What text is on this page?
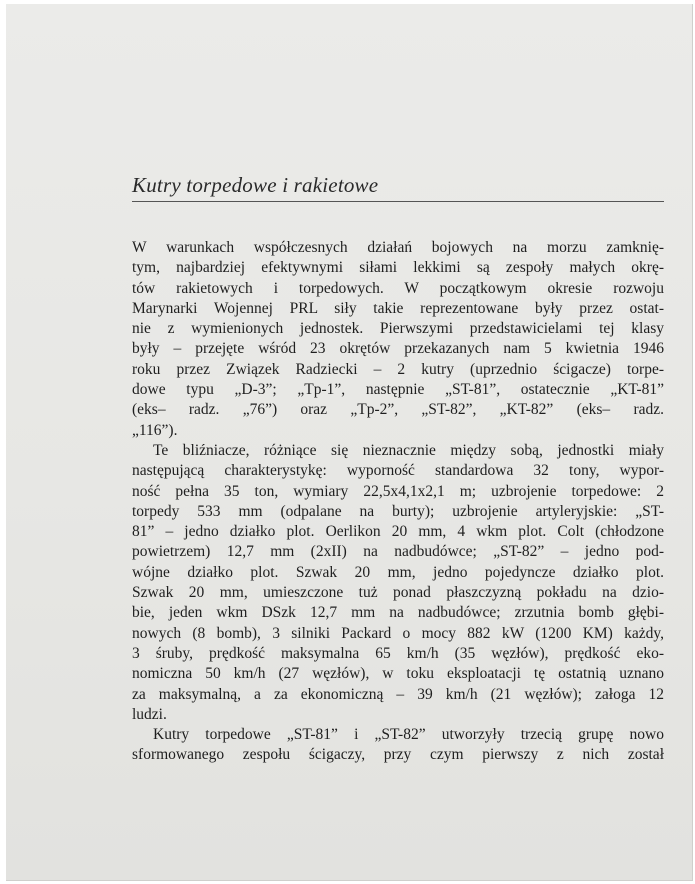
Kutry torpedowe i rakietowe
W warunkach współczesnych działań bojowych na morzu zamknię-
tym, najbardziej efektywnymi siłami lekkimi są zespoły małych okrę-
tów rakietowych i torpedowych. W początkowym okresie rozwoju
Marynarki Wojennej PRL siły takie reprezentowane były przez ostat-
nie z wymienionych jednostek. Pierwszymi przedstawicielami tej klasy
były – przejęte wśród 23 okrętów przekazanych nam 5 kwietnia 1946
roku przez Związek Radziecki – 2 kutry (uprzednio ścigacze) torpe-
dowe typu „D-3”; „Tp-1”, następnie „ST-81”, ostatecznie „KT-81”
(eks– radz. „76”) oraz „Tp-2”, „ST-82”, „KT-82” (eks– radz.
„116”).
Te bliźniacze, różniące się nieznacznie między sobą, jednostki miały
następującą charakterystykę: wyporność standardowa 32 tony, wypor-
ność pełna 35 ton, wymiary 22,5x4,1x2,1 m; uzbrojenie torpedowe: 2
torpedy 533 mm (odpalane na burty); uzbrojenie artyleryjskie: „ST-
81” – jedno działko plot. Oerlikon 20 mm, 4 wkm plot. Colt (chłodzone
powietrzem) 12,7 mm (2xII) na nadbudówce; „ST-82” – jedno pod-
wójne działko plot. Szwak 20 mm, jedno pojedyncze działko plot.
Szwak 20 mm, umieszczone tuż ponad płaszczyzną pokładu na dzio-
bie, jeden wkm DSzk 12,7 mm na nadbudówce; zrzutnia bomb głębi-
nowych (8 bomb), 3 silniki Packard o mocy 882 kW (1200 KM) każdy,
3 śruby, prędkość maksymalna 65 km/h (35 węzłów), prędkość eko-
nomiczna 50 km/h (27 węzłów), w toku eksploatacji tę ostatnią uznano
za maksymalną, a za ekonomiczną – 39 km/h (21 węzłów); załoga 12
ludzi.
Kutry torpedowe „ST-81” i „ST-82” utworzyły trzecią grupę nowo
sformowanego zespołu ścigaczy, przy czym pierwszy z nich został
